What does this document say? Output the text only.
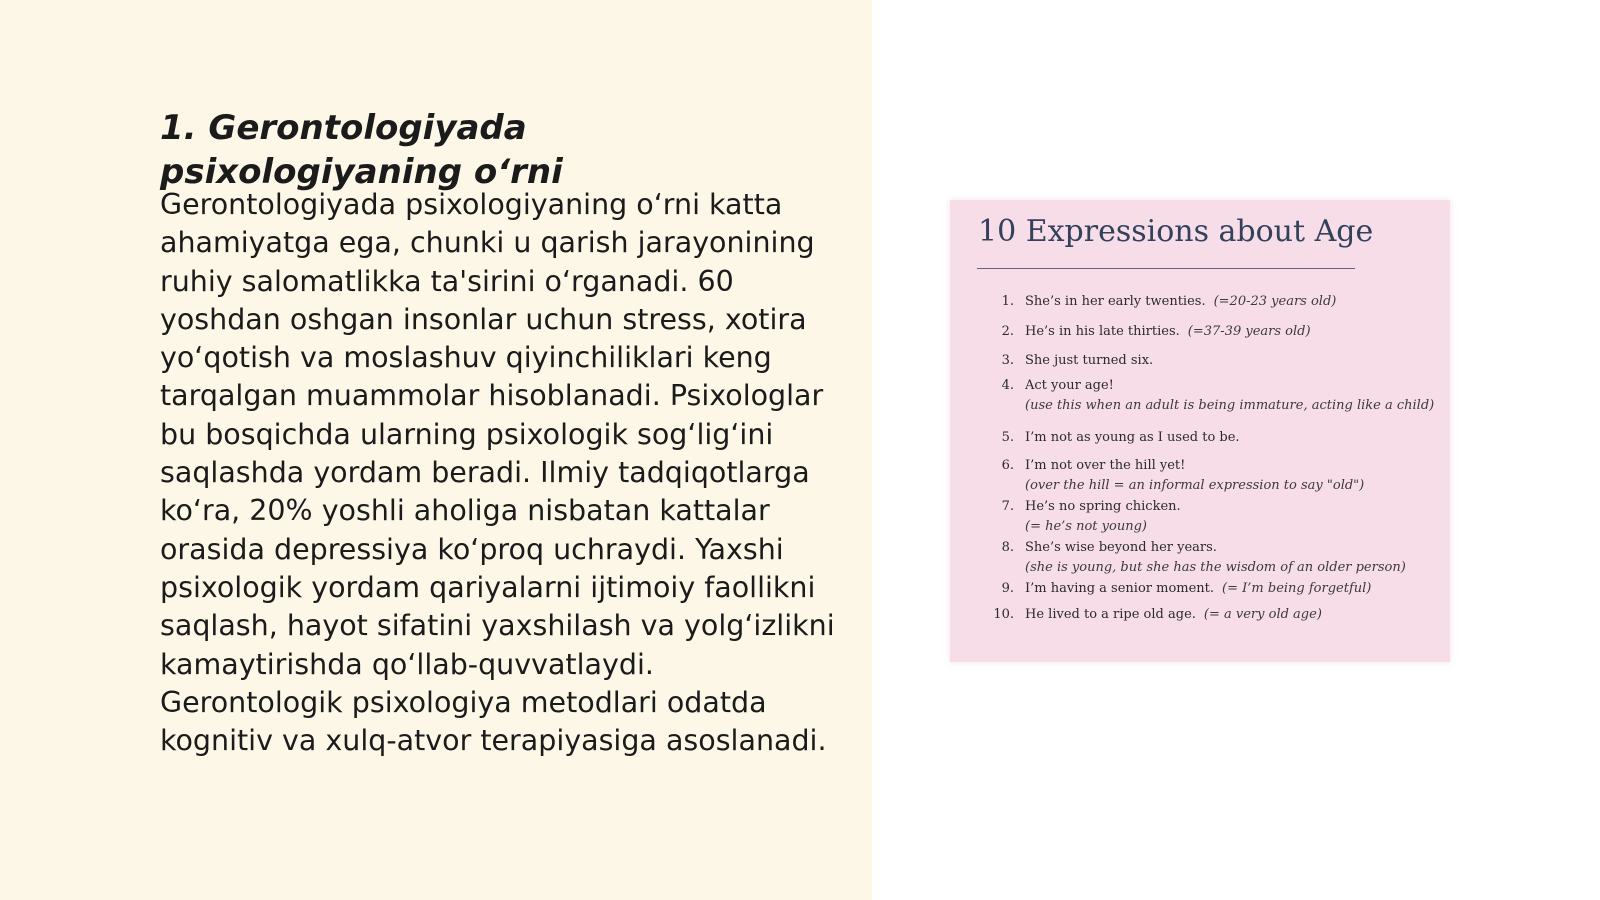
1. Gerontologiyada psixologiyaning o‘rni

Gerontologiyada psixologiyaning o‘rni katta ahamiyatga ega, chunki u qarish jarayonining ruhiy salomatlikka ta'sirini o‘rganadi. 60 yoshdan oshgan insonlar uchun stress, xotira yo‘qotish va moslashuv qiyinchiliklari keng tarqalgan muammolar hisoblanadi. Psixologlar bu bosqichda ularning psixologik sog‘lig‘ini saqlashda yordam beradi. Ilmiy tadqiqotlarga ko‘ra, 20% yoshli aholiga nisbatan kattalar orasida depressiya ko‘proq uchraydi. Yaxshi psixologik yordam qariyalarni ijtimoiy faollikni saqlash, hayot sifatini yaxshilash va yolg‘izlikni kamaytirishda qo‘llab-quvvatlaydi. Gerontologik psixologiya metodlari odatda kognitiv va xulq-atvor terapiyasiga asoslanadi.

10 Expressions about Age
1. She’s in her early twenties. (=20-23 years old)
2. He’s in his late thirties. (=37-39 years old)
3. She just turned six.
4. Act your age!
(use this when an adult is being immature, acting like a child)
5. I’m not as young as I used to be.
6. I’m not over the hill yet!
(over the hill = an informal expression to say "old")
7. He’s no spring chicken.
(= he’s not young)
8. She’s wise beyond her years.
(she is young, but she has the wisdom of an older person)
9. I’m having a senior moment. (= I’m being forgetful)
10. He lived to a ripe old age. (= a very old age)
